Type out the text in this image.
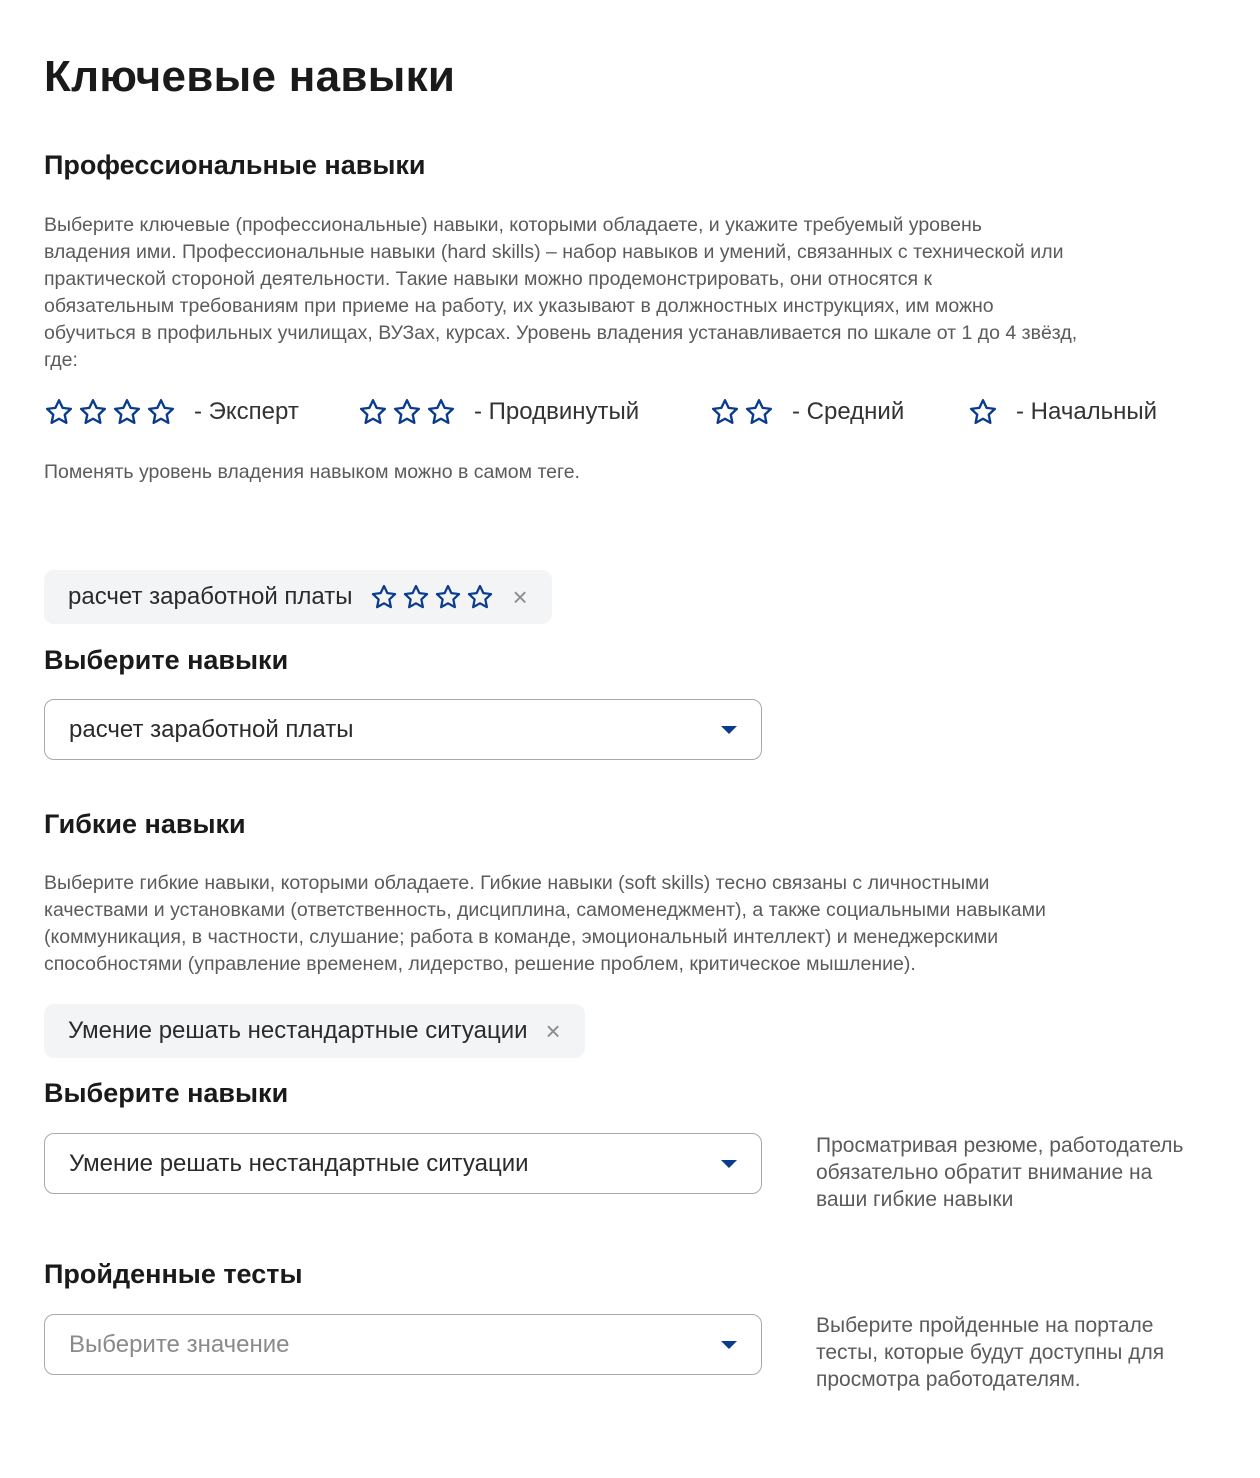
Ключевые навыки
Профессиональные навыки
Выберите ключевые (профессиональные) навыки, которыми обладаете, и укажите требуемый уровень
владения ими. Профессиональные навыки (hard skills) – набор навыков и умений, связанных с технической или
практической стороной деятельности. Такие навыки можно продемонстрировать, они относятся к
обязательным требованиям при приеме на работу, их указывают в должностных инструкциях, им можно
обучиться в профильных училищах, ВУЗах, курсах. Уровень владения устанавливается по шкале от 1 до 4 звёзд,
где:
- Эксперт	- Продвинутый	- Средний	- Начальный
Поменять уровень владения навыком можно в самом теге.
расчет заработной платы	×
Выберите навыки
расчет заработной платы
Гибкие навыки
Выберите гибкие навыки, которыми обладаете. Гибкие навыки (soft skills) тесно связаны с личностными
качествами и установками (ответственность, дисциплина, самоменеджмент), а также социальными навыками
(коммуникация, в частности, слушание; работа в команде, эмоциональный интеллект) и менеджерскими
способностями (управление временем, лидерство, решение проблем, критическое мышление).
Умение решать нестандартные ситуации ×
Выберите навыки
Умение решать нестандартные ситуации
Просматривая резюме, работодатель
обязательно обратит внимание на
ваши гибкие навыки
Пройденные тесты
Выберите значение
Выберите пройденные на портале
тесты, которые будут доступны для
просмотра работодателям.
